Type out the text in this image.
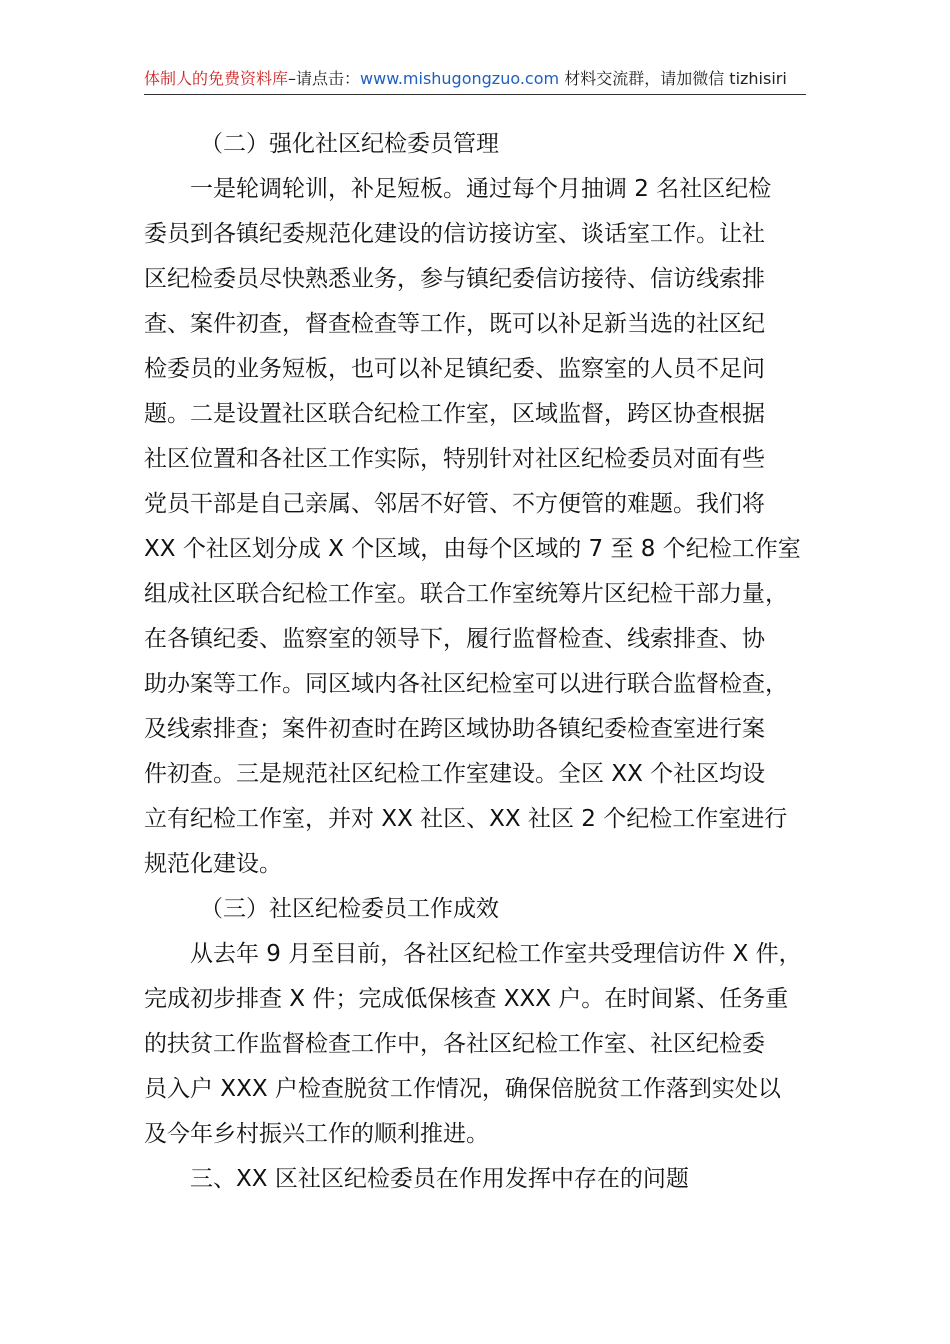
体制人的免费资料库–请点击：www.mishugongzuo.com 材料交流群，请加微信 tizhisiri

（二）强化社区纪检委员管理

一是轮调轮训，补足短板。通过每个月抽调 2 名社区纪检
委员到各镇纪委规范化建设的信访接访室、谈话室工作。让社
区纪检委员尽快熟悉业务，参与镇纪委信访接待、信访线索排
查、案件初查，督查检查等工作，既可以补足新当选的社区纪
检委员的业务短板，也可以补足镇纪委、监察室的人员不足问
题。二是设置社区联合纪检工作室，区域监督，跨区协查根据
社区位置和各社区工作实际，特别针对社区纪检委员对面有些
党员干部是自己亲属、邻居不好管、不方便管的难题。我们将
XX 个社区划分成 X 个区域，由每个区域的 7 至 8 个纪检工作室
组成社区联合纪检工作室。联合工作室统筹片区纪检干部力量，
在各镇纪委、监察室的领导下，履行监督检查、线索排查、协
助办案等工作。同区域内各社区纪检室可以进行联合监督检查，
及线索排查；案件初查时在跨区域协助各镇纪委检查室进行案
件初查。三是规范社区纪检工作室建设。全区 XX 个社区均设
立有纪检工作室，并对 XX 社区、XX 社区 2 个纪检工作室进行
规范化建设。

（三）社区纪检委员工作成效

从去年 9 月至目前，各社区纪检工作室共受理信访件 X 件，
完成初步排查 X 件；完成低保核查 XXX 户。在时间紧、任务重
的扶贫工作监督检查工作中，各社区纪检工作室、社区纪检委
员入户 XXX 户检查脱贫工作情况，确保倍脱贫工作落到实处以
及今年乡村振兴工作的顺利推进。

三、XX 区社区纪检委员在作用发挥中存在的问题
